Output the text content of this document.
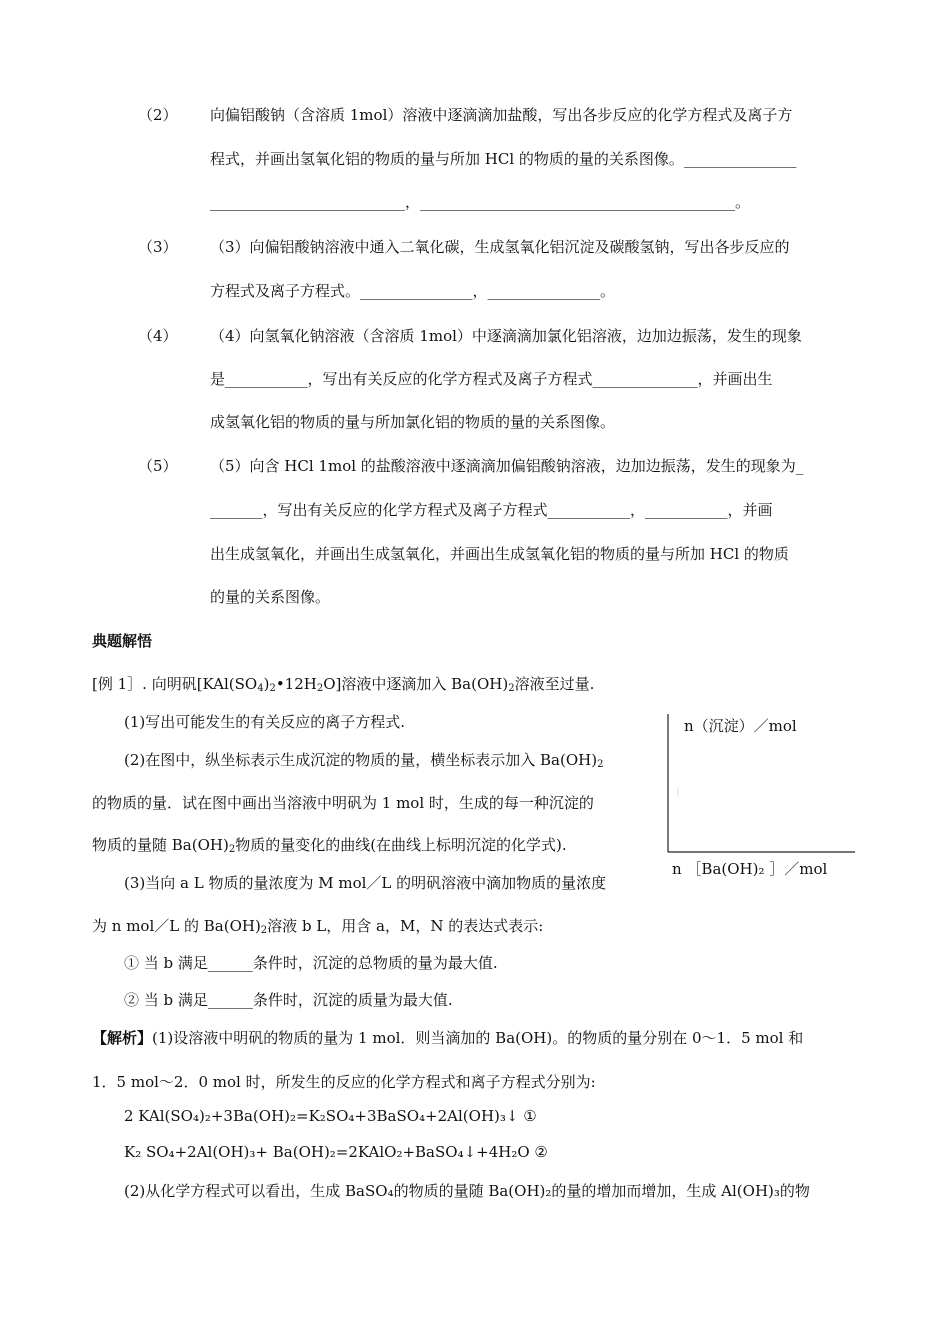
（2） 向偏铝酸钠（含溶质 1mol）溶液中逐滴滴加盐酸，写出各步反应的化学方程式及离子方
程式，并画出氢氧化铝的物质的量与所加 HCl 的物质的量的关系图像。_______________
__________________________，__________________________________________。
（3） （3）向偏铝酸钠溶液中通入二氧化碳，生成氢氧化铝沉淀及碳酸氢钠，写出各步反应的
方程式及离子方程式。_______________，_______________。
（4） （4）向氢氧化钠溶液（含溶质 1mol）中逐滴滴加氯化铝溶液，边加边振荡，发生的现象
是___________，写出有关反应的化学方程式及离子方程式______________，并画出生
成氢氧化铝的物质的量与所加氯化铝的物质的量的关系图像。
（5） （5）向含 HCl 1mol 的盐酸溶液中逐滴滴加偏铝酸钠溶液，边加边振荡，发生的现象为_
_______，写出有关反应的化学方程式及离子方程式___________，___________，并画
出生成氢氧化，并画出生成氢氧化，并画出生成氢氧化铝的物质的量与所加 HCl 的物质
的量的关系图像。
典题解悟
[例 1］. 向明矾$[KAl(SO_4)_2•12H_2O]$溶液中逐滴加入 $Ba(OH)_2$溶液至过量.
(1)写出可能发生的有关反应的离子方程式.
(2)在图中，纵坐标表示生成沉淀的物质的量，横坐标表示加入 $Ba(OH)_2$
的物质的量．试在图中画出当溶液中明矾为 1 mol 时，生成的每一种沉淀的
物质的量随 $Ba(OH)_2$物质的量变化的曲线(在曲线上标明沉淀的化学式).
(3)当向 a L 物质的量浓度为 M mol／L 的明矾溶液中滴加物质的量浓度
为 n mol／L 的 $Ba(OH)_2$溶液 b L，用含 a，M，N 的表达式表示:
① 当 b 满足______条件时，沉淀的总物质的量为最大值.
② 当 b 满足______条件时，沉淀的质量为最大值.
n（沉淀）／mol
n ［Ba(OH)₂ ］／mol
【解析】(1)设溶液中明矾的物质的量为 1 mol．则当滴加的 Ba(OH)。的物质的量分别在 0～1．5 mol 和
1．5 mol～2．0 mol 时，所发生的反应的化学方程式和离子方程式分别为:
2 KAl(SO₄)₂+3Ba(OH)₂=K₂SO₄+3BaSO₄+2Al(OH)₃↓ ①
K₂ SO₄+2Al(OH)₃+ Ba(OH)₂=2KAlO₂+BaSO₄↓+4H₂O ②
(2)从化学方程式可以看出，生成 BaSO₄的物质的量随 Ba(OH)₂的量的增加而增加，生成 Al(OH)₃的物
